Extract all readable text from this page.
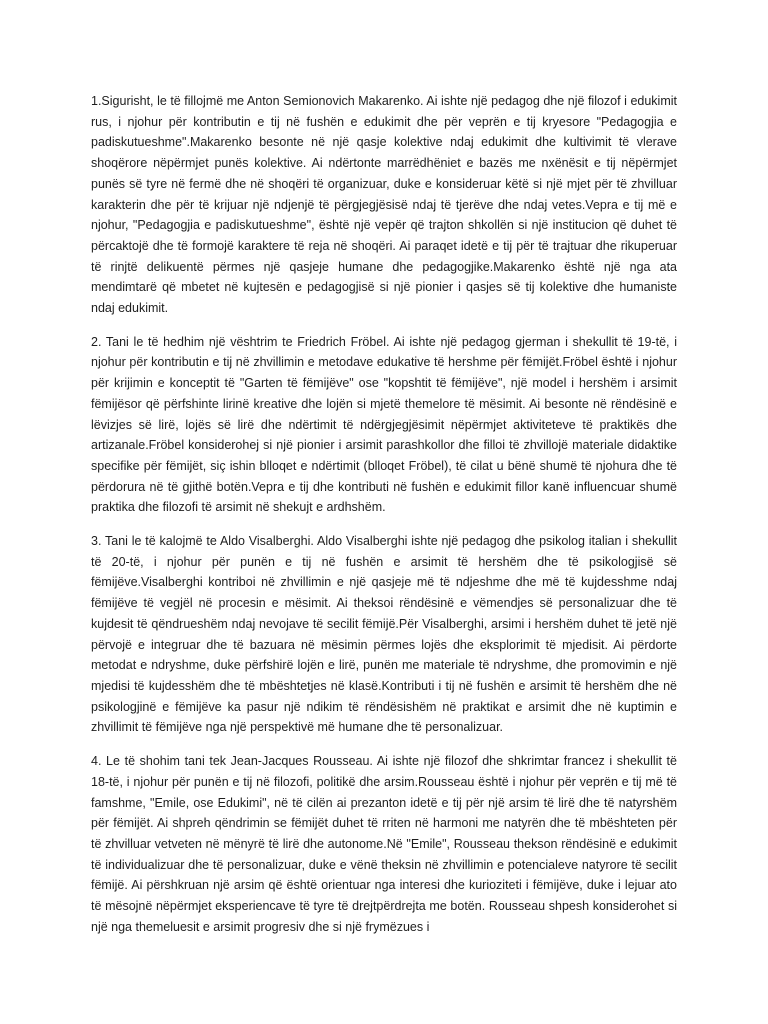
1.Sigurisht, le të fillojmë me Anton Semionovich Makarenko. Ai ishte një pedagog dhe një filozof i edukimit rus, i njohur për kontributin e tij në fushën e edukimit dhe për veprën e tij kryesore "Pedagogjia e padiskutueshme".Makarenko besonte në një qasje kolektive ndaj edukimit dhe kultivimit të vlerave shoqërore nëpërmjet punës kolektive. Ai ndërtonte marrëdhëniet e bazës me nxënësit e tij nëpërmjet punës së tyre në fermë dhe në shoqëri të organizuar, duke e konsideruar këtë si një mjet për të zhvilluar karakterin dhe për të krijuar një ndjenjë të përgjegjësisë ndaj të tjerëve dhe ndaj vetes.Vepra e tij më e njohur, "Pedagogjia e padiskutueshme", është një vepër që trajton shkollën si një institucion që duhet të përcaktojë dhe të formojë karaktere të reja në shoqëri. Ai paraqet idetë e tij për të trajtuar dhe rikuperuar të rinjtë delikuentë përmes një qasjeje humane dhe pedagogjike.Makarenko është një nga ata mendimtarë që mbetet në kujtesën e pedagogjisë si një pionier i qasjes së tij kolektive dhe humaniste ndaj edukimit.

2. Tani le të hedhim një vështrim te Friedrich Fröbel. Ai ishte një pedagog gjerman i shekullit të 19-të, i njohur për kontributin e tij në zhvillimin e metodave edukative të hershme për fëmijët.Fröbel është i njohur për krijimin e konceptit të "Garten të fëmijëve" ose "kopshtit të fëmijëve", një model i hershëm i arsimit fëmijësor që përfshinte lirinë kreative dhe lojën si mjetë themelore të mësimit. Ai besonte në rëndësinë e lëvizjes së lirë, lojës së lirë dhe ndërtimit të ndërgjegjësimit nëpërmjet aktiviteteve të praktikës dhe artizanale.Fröbel konsiderohej si një pionier i arsimit parashkollor dhe filloi të zhvillojë materiale didaktike specifike për fëmijët, siç ishin blloqet e ndërtimit (blloqet Fröbel), të cilat u bënë shumë të njohura dhe të përdorura në të gjithë botën.Vepra e tij dhe kontributi në fushën e edukimit fillor kanë influencuar shumë praktika dhe filozofi të arsimit në shekujt e ardhshëm.

3. Tani le të kalojmë te Aldo Visalberghi. Aldo Visalberghi ishte një pedagog dhe psikolog italian i shekullit të 20-të, i njohur për punën e tij në fushën e arsimit të hershëm dhe të psikologjisë së fëmijëve.Visalberghi kontriboi në zhvillimin e një qasjeje më të ndjeshme dhe më të kujdesshme ndaj fëmijëve të vegjël në procesin e mësimit. Ai theksoi rëndësinë e vëmendjes së personalizuar dhe të kujdesit të qëndrueshëm ndaj nevojave të secilit fëmijë.Për Visalberghi, arsimi i hershëm duhet të jetë një përvojë e integruar dhe të bazuara në mësimin përmes lojës dhe eksplorimit të mjedisit. Ai përdorte metodat e ndryshme, duke përfshirë lojën e lirë, punën me materiale të ndryshme, dhe promovimin e një mjedisi të kujdesshëm dhe të mbështetjes në klasë.Kontributi i tij në fushën e arsimit të hershëm dhe në psikologjinë e fëmijëve ka pasur një ndikim të rëndësishëm në praktikat e arsimit dhe në kuptimin e zhvillimit të fëmijëve nga një perspektivë më humane dhe të personalizuar.

4. Le të shohim tani tek Jean-Jacques Rousseau. Ai ishte një filozof dhe shkrimtar francez i shekullit të 18-të, i njohur për punën e tij në filozofi, politikë dhe arsim.Rousseau është i njohur për veprën e tij më të famshme, "Emile, ose Edukimi", në të cilën ai prezanton idetë e tij për një arsim të lirë dhe të natyrshëm për fëmijët. Ai shpreh qëndrimin se fëmijët duhet të rriten në harmoni me natyrën dhe të mbështeten për të zhvilluar vetveten në mënyrë të lirë dhe autonome.Në "Emile", Rousseau thekson rëndësinë e edukimit të individualizuar dhe të personalizuar, duke e vënë theksin në zhvillimin e potencialeve natyrore të secilit fëmijë. Ai përshkruan një arsim që është orientuar nga interesi dhe kurioziteti i fëmijëve, duke i lejuar ato të mësojnë nëpërmjet eksperiencave të tyre të drejtpërdrejta me botën. Rousseau shpesh konsiderohet si një nga themeluesit e arsimit progresiv dhe si një frymëzues i
